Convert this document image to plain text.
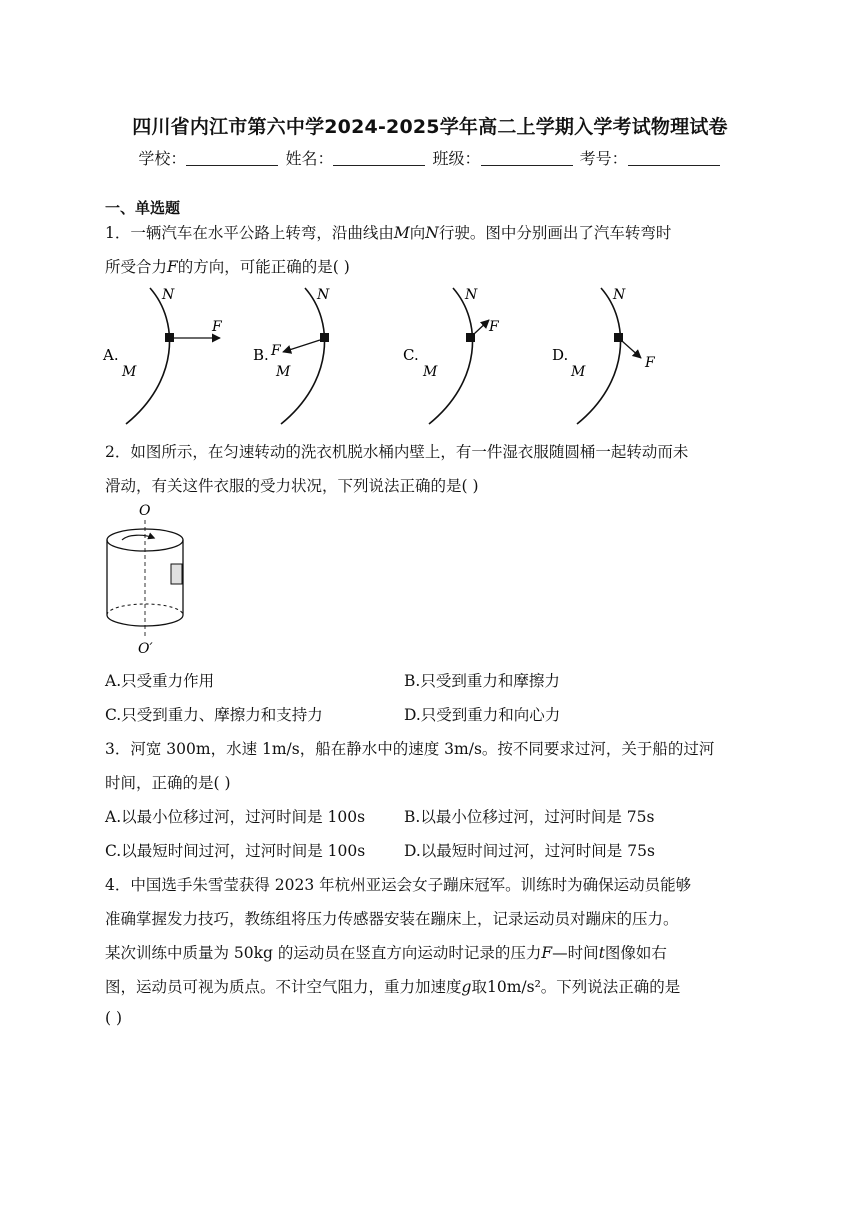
四川省内江市第六中学2024-2025学年高二上学期入学考试物理试卷
学校：	姓名：	班级：	考号：
一、单选题
1．一辆汽车在水平公路上转弯，沿曲线由M向N行驶。图中分别画出了汽车转弯时
所受合力F的方向，可能正确的是( )
A.
N
M
F
B.
N
M
F	C.
N
M
F
D.
N
M
F
2．如图所示，在匀速转动的洗衣机脱水桶内壁上，有一件湿衣服随圆桶一起转动而未
滑动，有关这件衣服的受力状况，下列说法正确的是( )
O
O′
A.只受重力作用	B.只受到重力和摩擦力
C.只受到重力、摩擦力和支持力	D.只受到重力和向心力
3．河宽 300m，水速 1m/s，船在静水中的速度 3m/s。按不同要求过河，关于船的过河
时间，正确的是( )
A.以最小位移过河，过河时间是 100s	B.以最小位移过河，过河时间是 75s
C.以最短时间过河，过河时间是 100s	D.以最短时间过河，过河时间是 75s
4．中国选手朱雪莹获得 2023 年杭州亚运会女子蹦床冠军。训练时为确保运动员能够
准确掌握发力技巧，教练组将压力传感器安装在蹦床上，记录运动员对蹦床的压力。
某次训练中质量为 50kg 的运动员在竖直方向运动时记录的压力F—时间t图像如右
图，运动员可视为质点。不计空气阻力，重力加速度g取10m/s²。下列说法正确的是
( )
